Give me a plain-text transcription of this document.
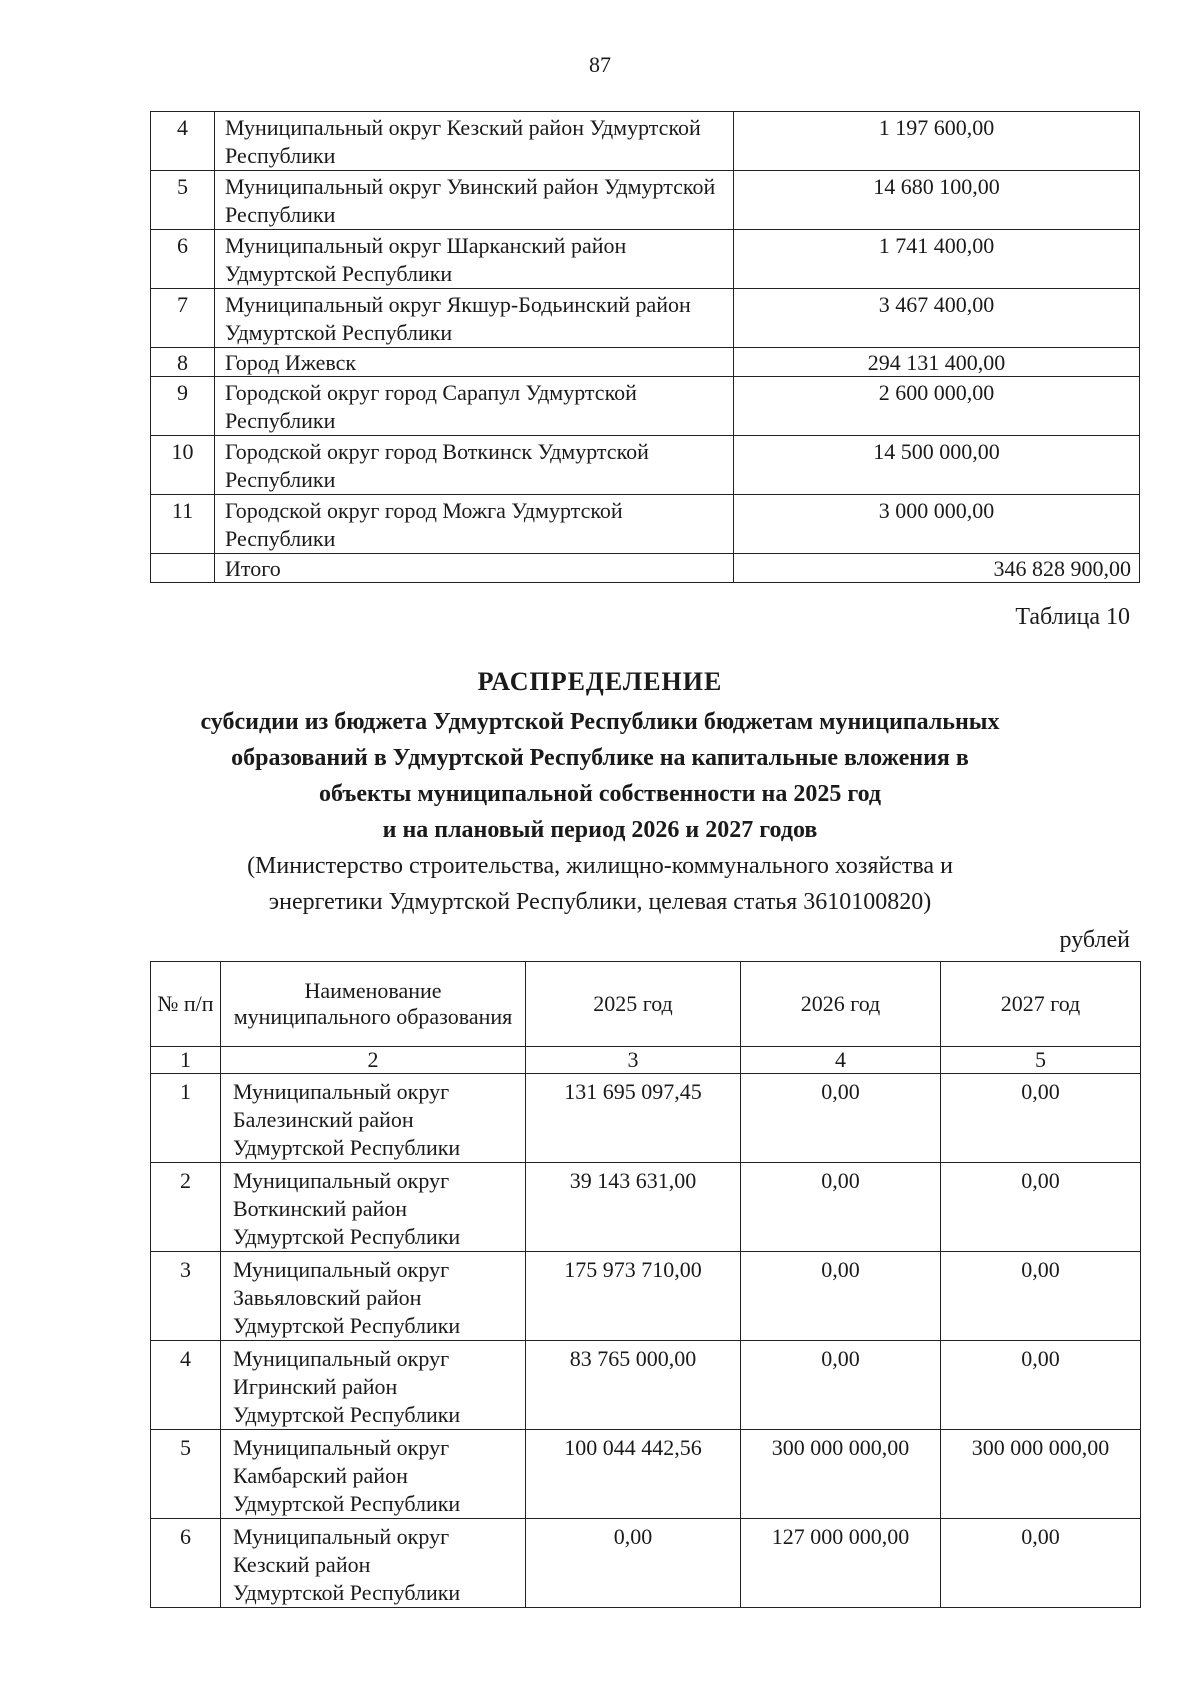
87
4	Муниципальный округ Кезский район Удмуртской Республики	1 197 600,00
5	Муниципальный округ Увинский район Удмуртской Республики	14 680 100,00
6	Муниципальный округ Шарканский район Удмуртской Республики	1 741 400,00
7	Муниципальный округ Якшур-Бодьинский район Удмуртской Республики	3 467 400,00
8	Город Ижевск	294 131 400,00
9	Городской округ город Сарапул Удмуртской Республики	2 600 000,00
10	Городской округ город Воткинск Удмуртской Республики	14 500 000,00
11	Городской округ город Можга Удмуртской Республики	3 000 000,00
	Итого	346 828 900,00
Таблица 10
РАСПРЕДЕЛЕНИЕ
субсидии из бюджета Удмуртской Республики бюджетам муниципальных
образований в Удмуртской Республике на капитальные вложения в
объекты муниципальной собственности на 2025 год
и на плановый период 2026 и 2027 годов
(Министерство строительства, жилищно-коммунального хозяйства и
энергетики Удмуртской Республики, целевая статья 3610100820)
рублей
№ п/п	Наименование муниципального образования	2025 год	2026 год	2027 год
1	2	3	4	5
1	Муниципальный округ
Балезинский район
Удмуртской Республики	131 695 097,45	0,00	0,00
2	Муниципальный округ
Воткинский район
Удмуртской Республики	39 143 631,00	0,00	0,00
3	Муниципальный округ
Завьяловский район
Удмуртской Республики	175 973 710,00	0,00	0,00
4	Муниципальный округ
Игринский район
Удмуртской Республики	83 765 000,00	0,00	0,00
5	Муниципальный округ
Камбарский район
Удмуртской Республики	100 044 442,56	300 000 000,00	300 000 000,00
6	Муниципальный округ
Кезский район
Удмуртской Республики	0,00	127 000 000,00	0,00
